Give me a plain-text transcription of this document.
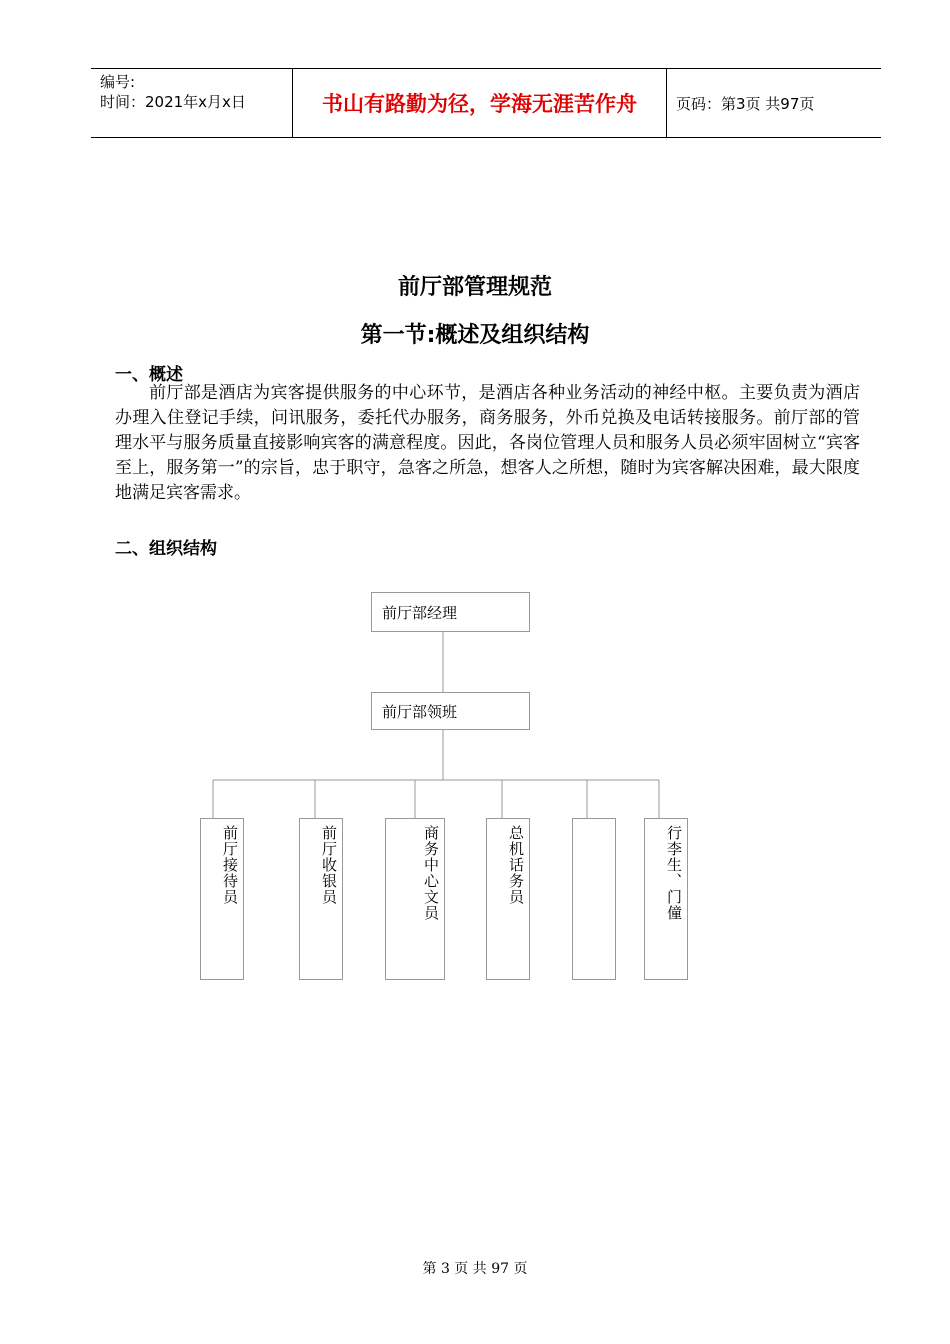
编号:
时间：2021年x月x日	书山有路勤为径，学海无涯苦作舟	页码：第3页 共97页
前厅部管理规范
第一节:概述及组织结构
一、概述
前厅部是酒店为宾客提供服务的中心环节，是酒店各种业务活动的神经中枢。主要负责为酒店办理入住登记手续，问讯服务，委托代办服务，商务服务，外币兑换及电话转接服务。前厅部的管理水平与服务质量直接影响宾客的满意程度。因此，各岗位管理人员和服务人员必须牢固树立“宾客至上，服务第一”的宗旨，忠于职守，急客之所急，想客人之所想，随时为宾客解决困难，最大限度地满足宾客需求。
二、组织结构
前厅部经理
前厅部领班
前厅接待员	前厅收银员	商务中心文员	总机话务员	行李生、门僮
第 3 页 共 97 页
